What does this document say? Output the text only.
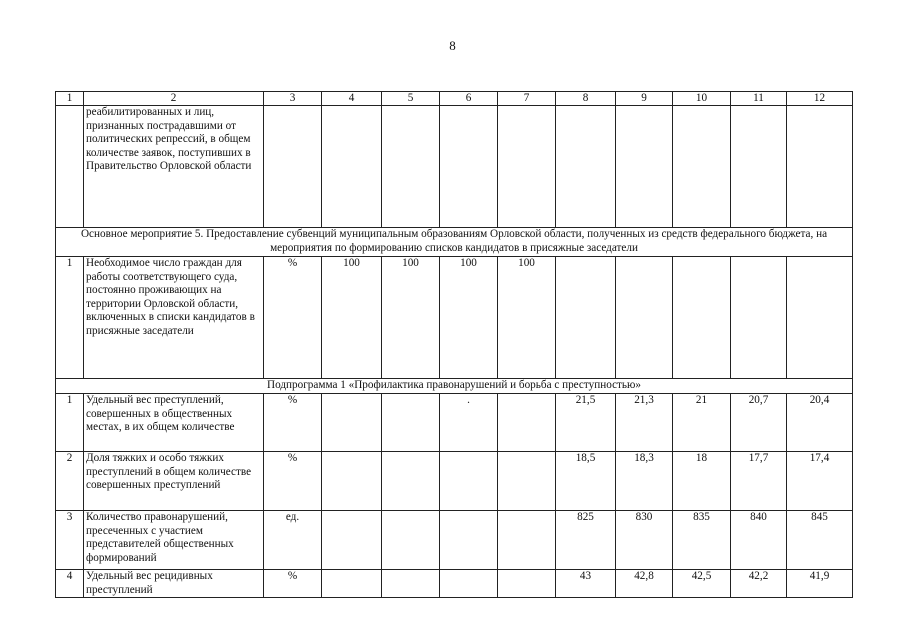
8
1	2	3	4	5	6	7	8	9	10	11	12
	реабилитированных и лиц, признанных пострадавшими от политических репрессий, в общем количестве заявок, поступивших в Правительство Орловской области										
Основное мероприятие 5. Предоставление субвенций муниципальным образованиям Орловской области, полученных из средств федерального бюджета, на мероприятия по формированию списков кандидатов в присяжные заседатели											
1	Необходимое число граждан для работы соответствующего суда, постоянно проживающих на территории Орловской области, включенных в списки кандидатов в присяжные заседатели	%	100	100	100	100					
Подпрограмма 1 «Профилактика правонарушений и борьба с преступностью»											
1	Удельный вес преступлений, совершенных в общественных местах, в их общем количестве	%			.		21,5	21,3	21	20,7	20,4
2	Доля тяжких и особо тяжких преступлений в общем количестве совершенных преступлений	%					18,5	18,3	18	17,7	17,4
3	Количество правонарушений, пресеченных с участием представителей общественных формирований	ед.					825	830	835	840	845
4	Удельный вес рецидивных преступлений	%					43	42,8	42,5	42,2	41,9
